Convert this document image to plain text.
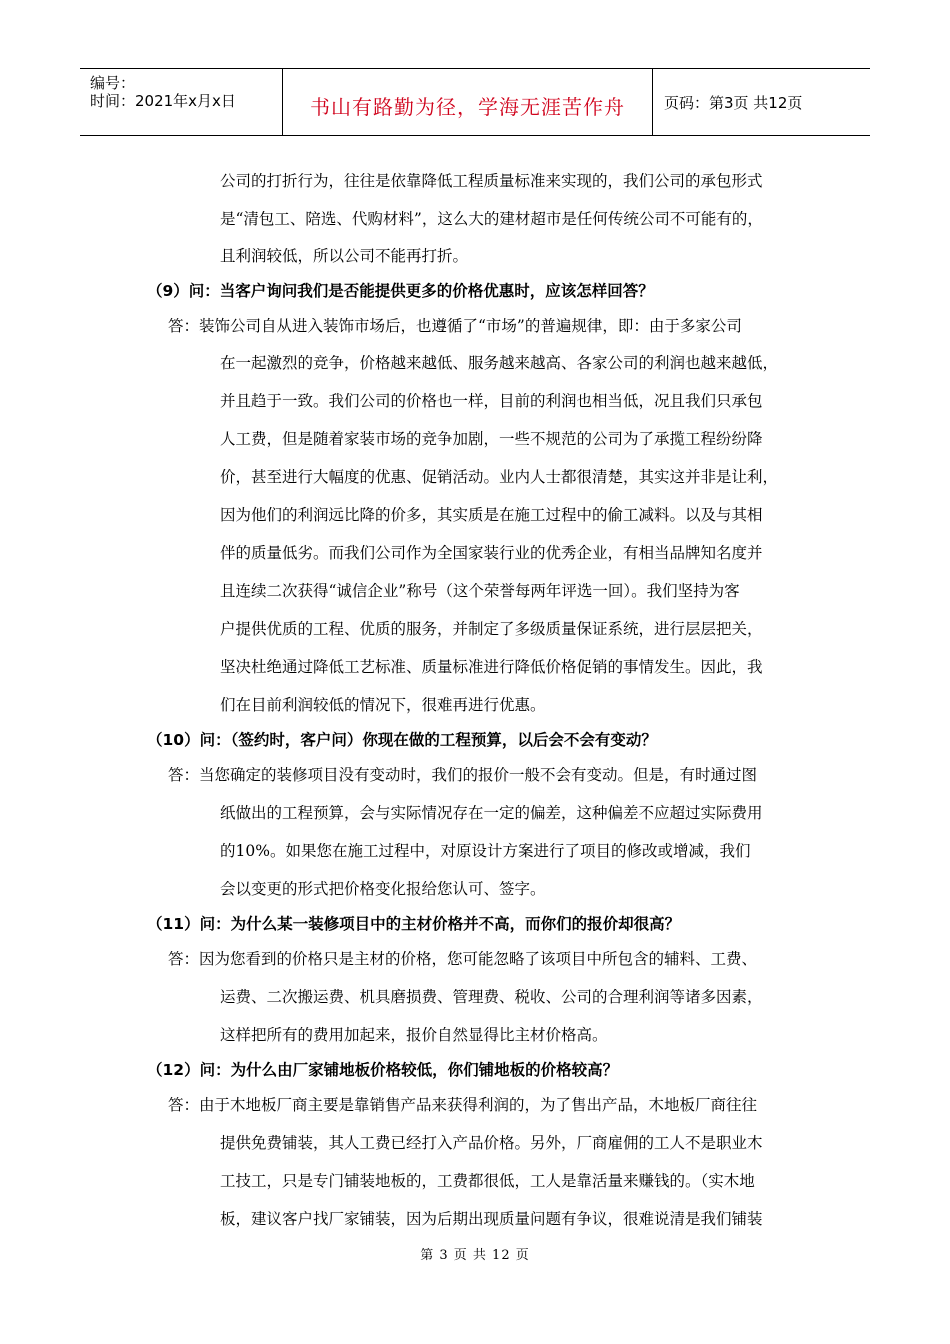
编号：
时间：2021年x月x日	书山有路勤为径，学海无涯苦作舟	页码：第3页 共12页
公司的打折行为，往往是依靠降低工程质量标准来实现的，我们公司的承包形式
是“清包工、陪选、代购材料”，这么大的建材超市是任何传统公司不可能有的，
且利润较低，所以公司不能再打折。
（9）问：当客户询问我们是否能提供更多的价格优惠时，应该怎样回答？
答：装饰公司自从进入装饰市场后，也遵循了“市场”的普遍规律，即：由于多家公司
在一起激烈的竞争，价格越来越低、服务越来越高、各家公司的利润也越来越低，
并且趋于一致。我们公司的价格也一样，目前的利润也相当低，况且我们只承包
人工费，但是随着家装市场的竞争加剧，一些不规范的公司为了承揽工程纷纷降
价，甚至进行大幅度的优惠、促销活动。业内人士都很清楚，其实这并非是让利，
因为他们的利润远比降的价多，其实质是在施工过程中的偷工减料。以及与其相
伴的质量低劣。而我们公司作为全国家装行业的优秀企业，有相当品牌知名度并
且连续二次获得“诚信企业”称号（这个荣誉每两年评选一回）。我们坚持为客
户提供优质的工程、优质的服务，并制定了多级质量保证系统，进行层层把关，
坚决杜绝通过降低工艺标准、质量标准进行降低价格促销的事情发生。因此，我
们在目前利润较低的情况下，很难再进行优惠。
（10）问：（签约时，客户问）你现在做的工程预算，以后会不会有变动？
答：当您确定的装修项目没有变动时，我们的报价一般不会有变动。但是，有时通过图
纸做出的工程预算，会与实际情况存在一定的偏差，这种偏差不应超过实际费用
的10%。如果您在施工过程中，对原设计方案进行了项目的修改或增减，我们
会以变更的形式把价格变化报给您认可、签字。
（11）问：为什么某一装修项目中的主材价格并不高，而你们的报价却很高？
答：因为您看到的价格只是主材的价格，您可能忽略了该项目中所包含的辅料、工费、
运费、二次搬运费、机具磨损费、管理费、税收、公司的合理利润等诸多因素，
这样把所有的费用加起来，报价自然显得比主材价格高。
（12）问：为什么由厂家铺地板价格较低，你们铺地板的价格较高？
答：由于木地板厂商主要是靠销售产品来获得利润的，为了售出产品，木地板厂商往往
提供免费铺装，其人工费已经打入产品价格。另外，厂商雇佣的工人不是职业木
工技工，只是专门铺装地板的，工费都很低，工人是靠活量来赚钱的。（实木地
板，建议客户找厂家铺装，因为后期出现质量问题有争议，很难说清是我们铺装
第 3 页 共 12 页
